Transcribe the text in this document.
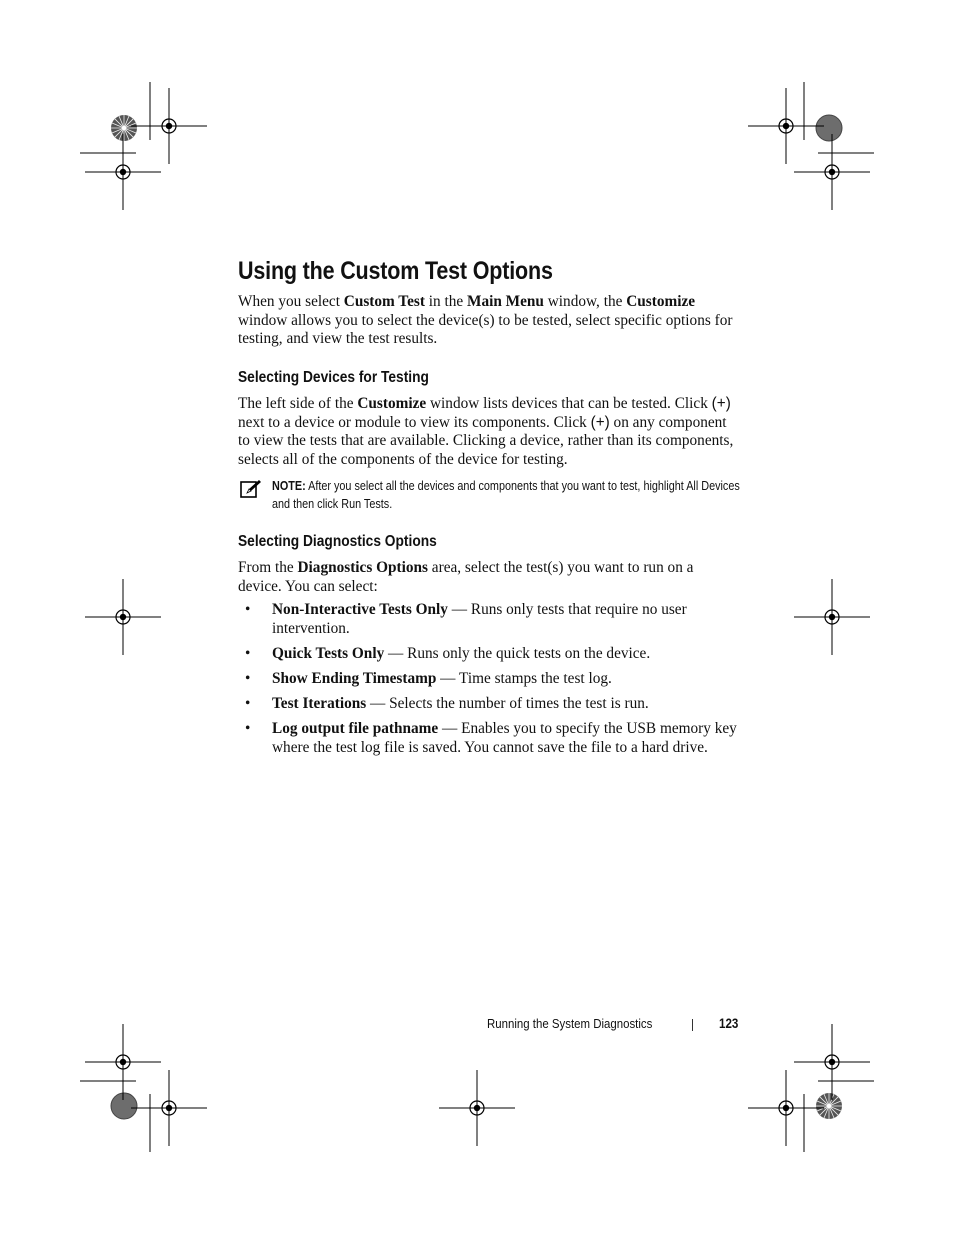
Using the Custom Test Options

When you select Custom Test in the Main Menu window, the Customize window allows you to select the device(s) to be tested, select specific options for testing, and view the test results.

Selecting Devices for Testing

The left side of the Customize window lists devices that can be tested. Click (+) next to a device or module to view its components. Click (+) on any component to view the tests that are available. Clicking a device, rather than its components, selects all of the components of the device for testing.

NOTE: After you select all the devices and components that you want to test, highlight All Devices and then click Run Tests.
Selecting Diagnostics Options

From the Diagnostics Options area, select the test(s) you want to run on a device. You can select:

• Non-Interactive Tests Only — Runs only tests that require no user intervention.
• Quick Tests Only — Runs only the quick tests on the device.
• Show Ending Timestamp — Time stamps the test log.
• Test Iterations — Selects the number of times the test is run.
• Log output file pathname — Enables you to specify the USB memory key where the test log file is saved. You cannot save the file to a hard drive.
Running the System Diagnostics	123
